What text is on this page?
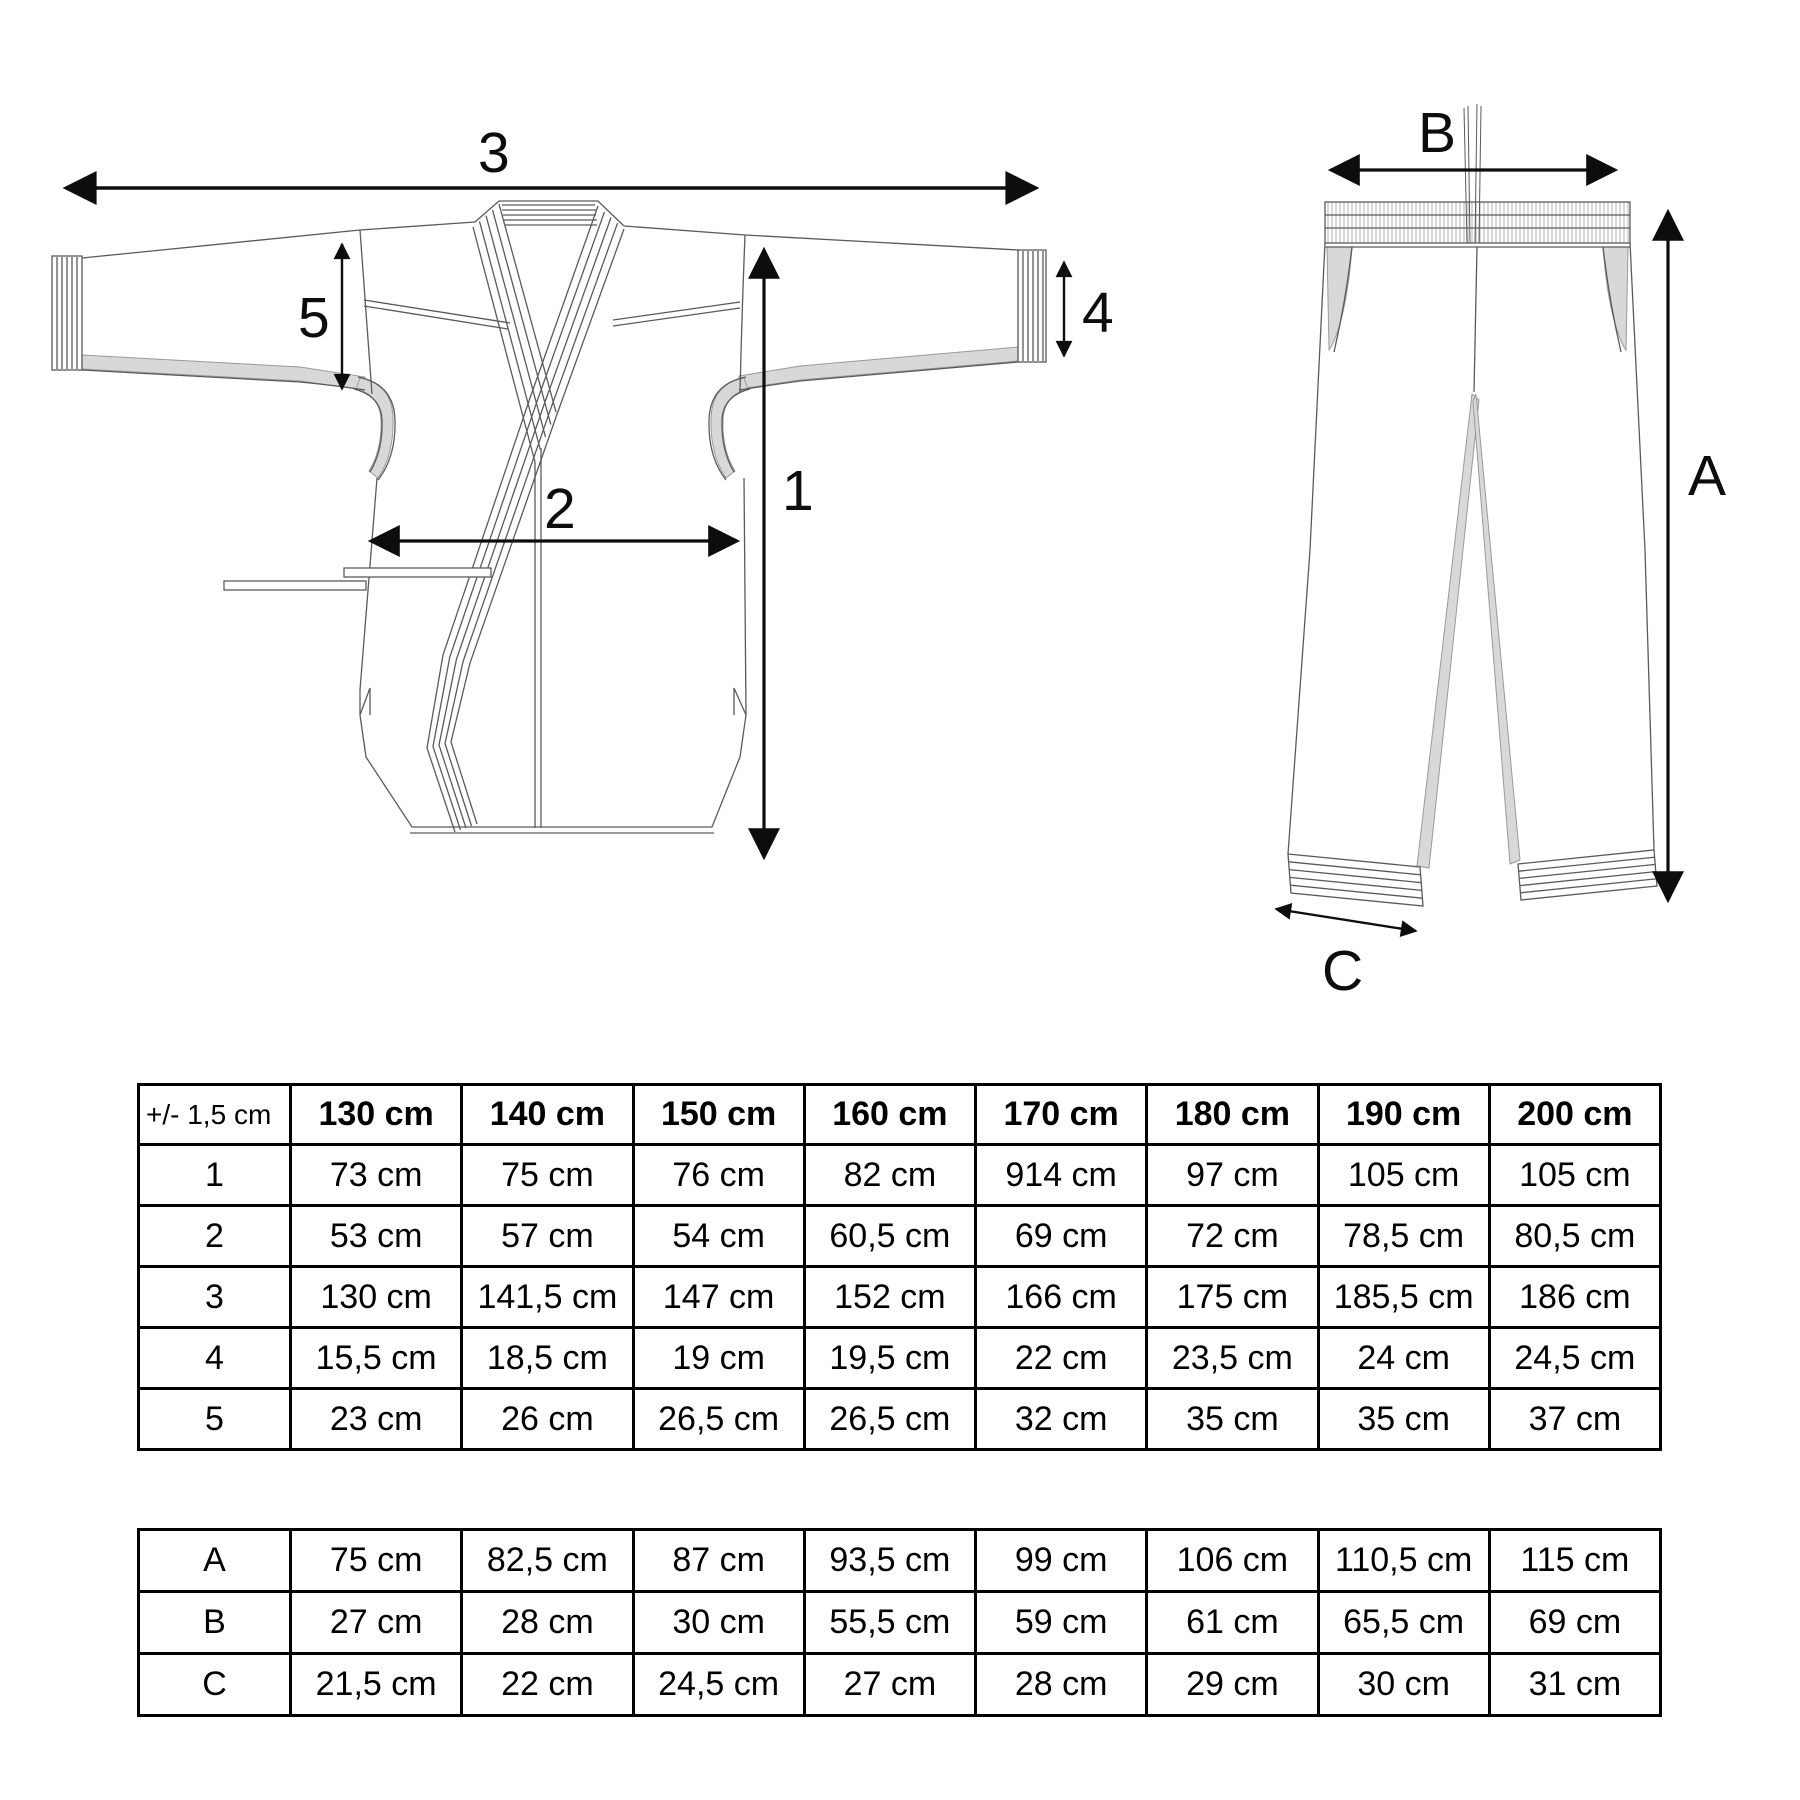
3
5
1
2
4
B
A
C
+/- 1,5 cm	130 cm	140 cm	150 cm	160 cm	170 cm	180 cm	190 cm	200 cm
1	73 cm	75 cm	76 cm	82 cm	914 cm	97 cm	105 cm	105 cm
2	53 cm	57 cm	54 cm	60,5 cm	69 cm	72 cm	78,5 cm	80,5 cm
3	130 cm	141,5 cm	147 cm	152 cm	166 cm	175 cm	185,5 cm	186 cm
4	15,5 cm	18,5 cm	19 cm	19,5 cm	22 cm	23,5 cm	24 cm	24,5 cm
5	23 cm	26 cm	26,5 cm	26,5 cm	32 cm	35 cm	35 cm	37 cm
A	75 cm	82,5 cm	87 cm	93,5 cm	99 cm	106 cm	110,5 cm	115 cm
B	27 cm	28 cm	30 cm	55,5 cm	59 cm	61 cm	65,5 cm	69 cm
C	21,5 cm	22 cm	24,5 cm	27 cm	28 cm	29 cm	30 cm	31 cm
